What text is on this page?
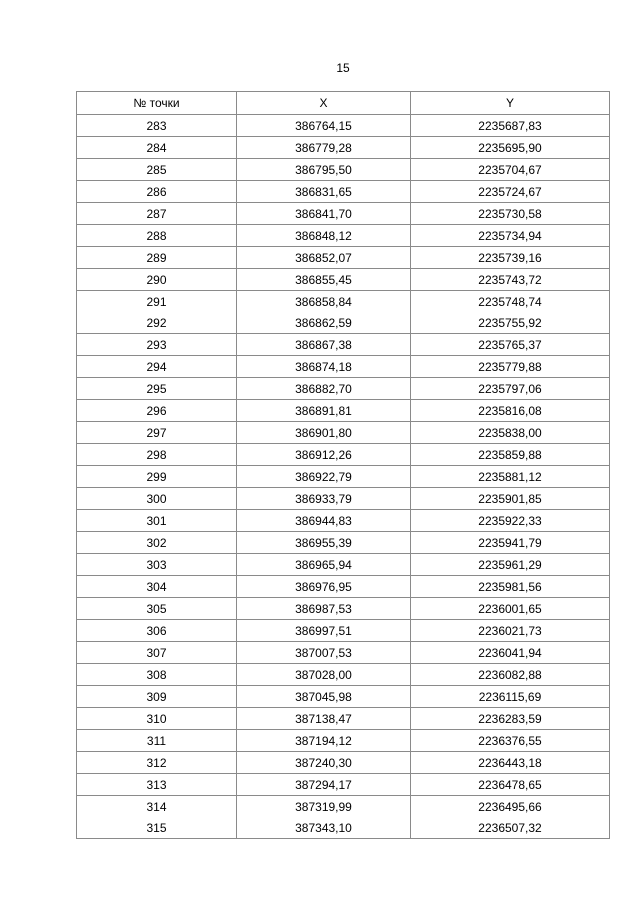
15
№ точки	X	Y
283	386764,15	2235687,83
284	386779,28	2235695,90
285	386795,50	2235704,67
286	386831,65	2235724,67
287	386841,70	2235730,58
288	386848,12	2235734,94
289	386852,07	2235739,16
290	386855,45	2235743,72
291	386858,84	2235748,74
292	386862,59	2235755,92
293	386867,38	2235765,37
294	386874,18	2235779,88
295	386882,70	2235797,06
296	386891,81	2235816,08
297	386901,80	2235838,00
298	386912,26	2235859,88
299	386922,79	2235881,12
300	386933,79	2235901,85
301	386944,83	2235922,33
302	386955,39	2235941,79
303	386965,94	2235961,29
304	386976,95	2235981,56
305	386987,53	2236001,65
306	386997,51	2236021,73
307	387007,53	2236041,94
308	387028,00	2236082,88
309	387045,98	2236115,69
310	387138,47	2236283,59
311	387194,12	2236376,55
312	387240,30	2236443,18
313	387294,17	2236478,65
314	387319,99	2236495,66
315	387343,10	2236507,32
